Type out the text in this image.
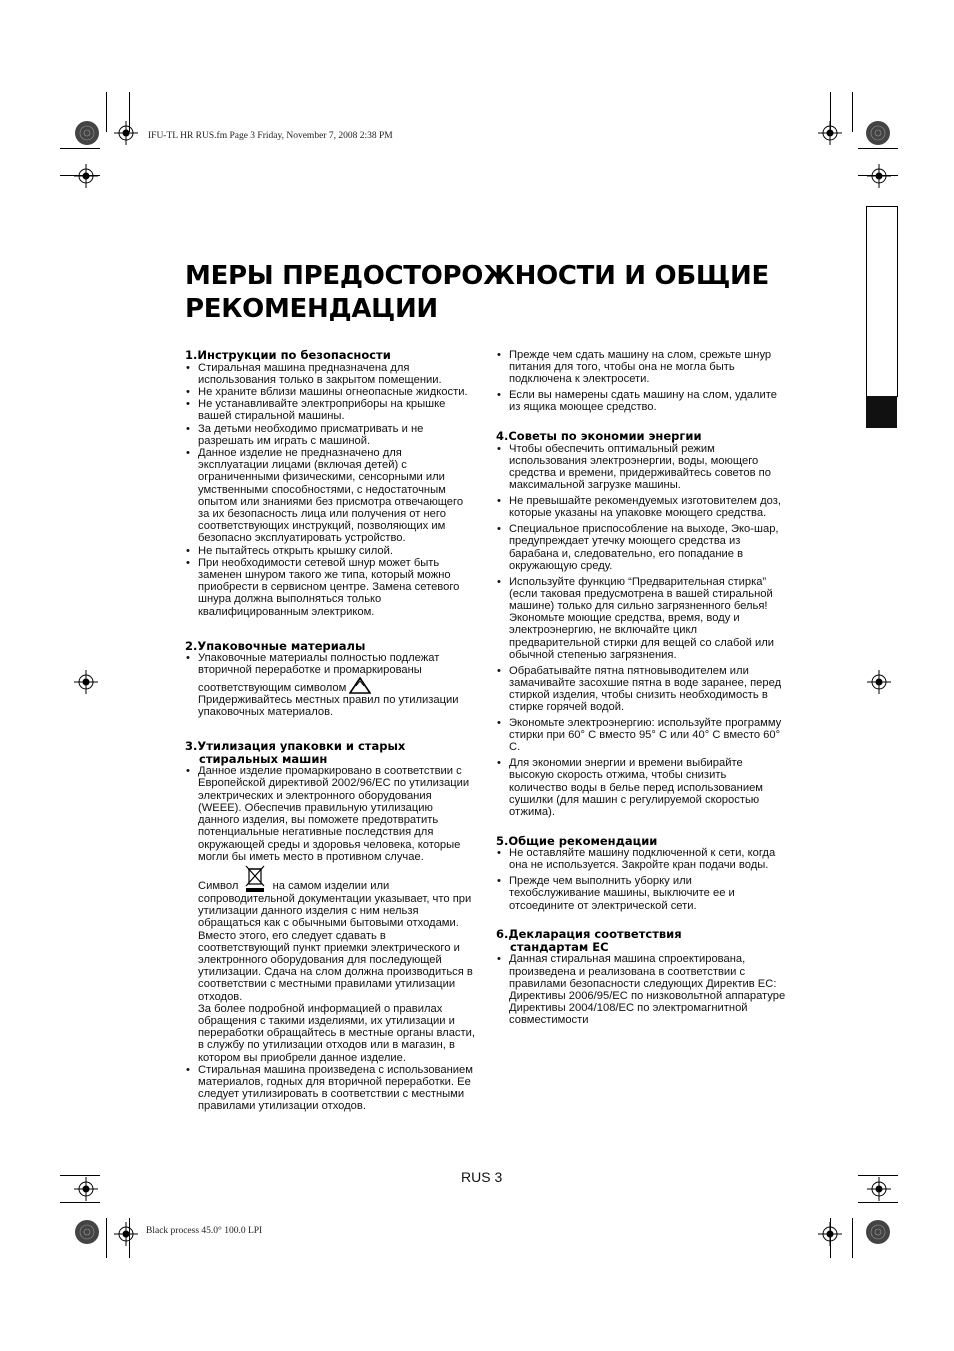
IFU-TL HR RUS.fm Page 3 Friday, November 7, 2008 2:38 PM
Black process 45.0° 100.0 LPI
МЕРЫ ПРЕДОСТОРОЖНОСТИ И ОБЩИЕ
РЕКОМЕНДАЦИИ
1.Инструкции по безопасности
• Стиральная машина предназначена для использования только в закрытом помещении.
• Не храните вблизи машины огнеопасные жидкости.
• Не устанавливайте электроприборы на крышке вашей стиральной машины.
• За детьми необходимо присматривать и не разрешать им играть с машиной.
• Данное изделие не предназначено для эксплуатации лицами (включая детей) с ограниченными физическими, сенсорными или умственными способностями, с недостаточным опытом или знаниями без присмотра отвечающего за их безопасность лица или получения от него соответствующих инструкций, позволяющих им безопасно эксплуатировать устройство.
• Не пытайтесь открыть крышку силой.
• При необходимости сетевой шнур может быть заменен шнуром такого же типа, который можно приобрести в сервисном центре. Замена сетевого шнура должна выполняться только квалифицированным электриком.
2.Упаковочные материалы
• Упаковочные материалы полностью подлежат вторичной переработке и промаркированы соответствующим символом
Придерживайтесь местных правил по утилизации упаковочных материалов.
3.Утилизация упаковки и старых
стиральных машин
• Данное изделие промаркировано в соответствии с Европейской директивой 2002/96/EC по утилизации электрических и электронного оборудования (WEEE). Обеспечив правильную утилизацию данного изделия, вы поможете предотвратить потенциальные негативные последствия для окружающей среды и здоровья человека, которые могли бы иметь место в противном случае.
Символ	на самом изделии или сопроводительной документации указывает, что при утилизации данного изделия с ним нельзя обращаться как с обычными бытовыми отходами. Вместо этого, его следует сдавать в соответствующий пункт приемки электрического и электронного оборудования для последующей утилизации. Сдача на слом должна производиться в соответствии с местными правилами утилизации отходов.
За более подробной информацией о правилах обращения с такими изделиями, их утилизации и переработки обращайтесь в местные органы власти, в службу по утилизации отходов или в магазин, в котором вы приобрели данное изделие.
• Стиральная машина произведена с использованием материалов, годных для вторичной переработки. Ее следует утилизировать в соответствии с местными правилами утилизации отходов.
• Прежде чем сдать машину на слом, срежьте шнур питания для того, чтобы она не могла быть подключена к электросети.
• Если вы намерены сдать машину на слом, удалите из ящика моющее средство.
4.Советы по экономии энергии
• Чтобы обеспечить оптимальный режим использования электроэнергии, воды, моющего средства и времени, придерживайтесь советов по максимальной загрузке машины.
• Не превышайте рекомендуемых изготовителем доз, которые указаны на упаковке моющего средства.
• Специальное приспособление на выходе, Эко-шар, предупреждает утечку моющего средства из барабана и, следовательно, его попадание в окружающую среду.
• Используйте функцию “Предварительная стирка” (если таковая предусмотрена в вашей стиральной машине) только для сильно загрязненного белья! Экономьте моющие средства, время, воду и электроэнергию, не включайте цикл предварительной стирки для вещей со слабой или обычной степенью загрязнения.
• Обрабатывайте пятна пятновыводителем или замачивайте засохшие пятна в воде заранее, перед стиркой изделия, чтобы снизить необходимость в стирке горячей водой.
• Экономьте электроэнергию: используйте программу стирки при 60° C вместо 95° C или 40° C вместо 60° C.
• Для экономии энергии и времени выбирайте высокую скорость отжима, чтобы снизить количество воды в белье перед использованием сушилки (для машин с регулируемой скоростью отжима).
5.Общие рекомендации
• Не оставляйте машину подключенной к сети, когда она не используется. Закройте кран подачи воды.
• Прежде чем выполнить уборку или техобслуживание машины, выключите ее и отсоедините от электрической сети.
6.Декларация соответствия
стандартам ЕС
• Данная стиральная машина спроектирована, произведена и реализована в соответствии с правилами безопасности следующих Директив ЕС:
Директивы 2006/95/EC по низковольтной аппаратуре
Директивы 2004/108/EC по электромагнитной совместимости
RUS 3
